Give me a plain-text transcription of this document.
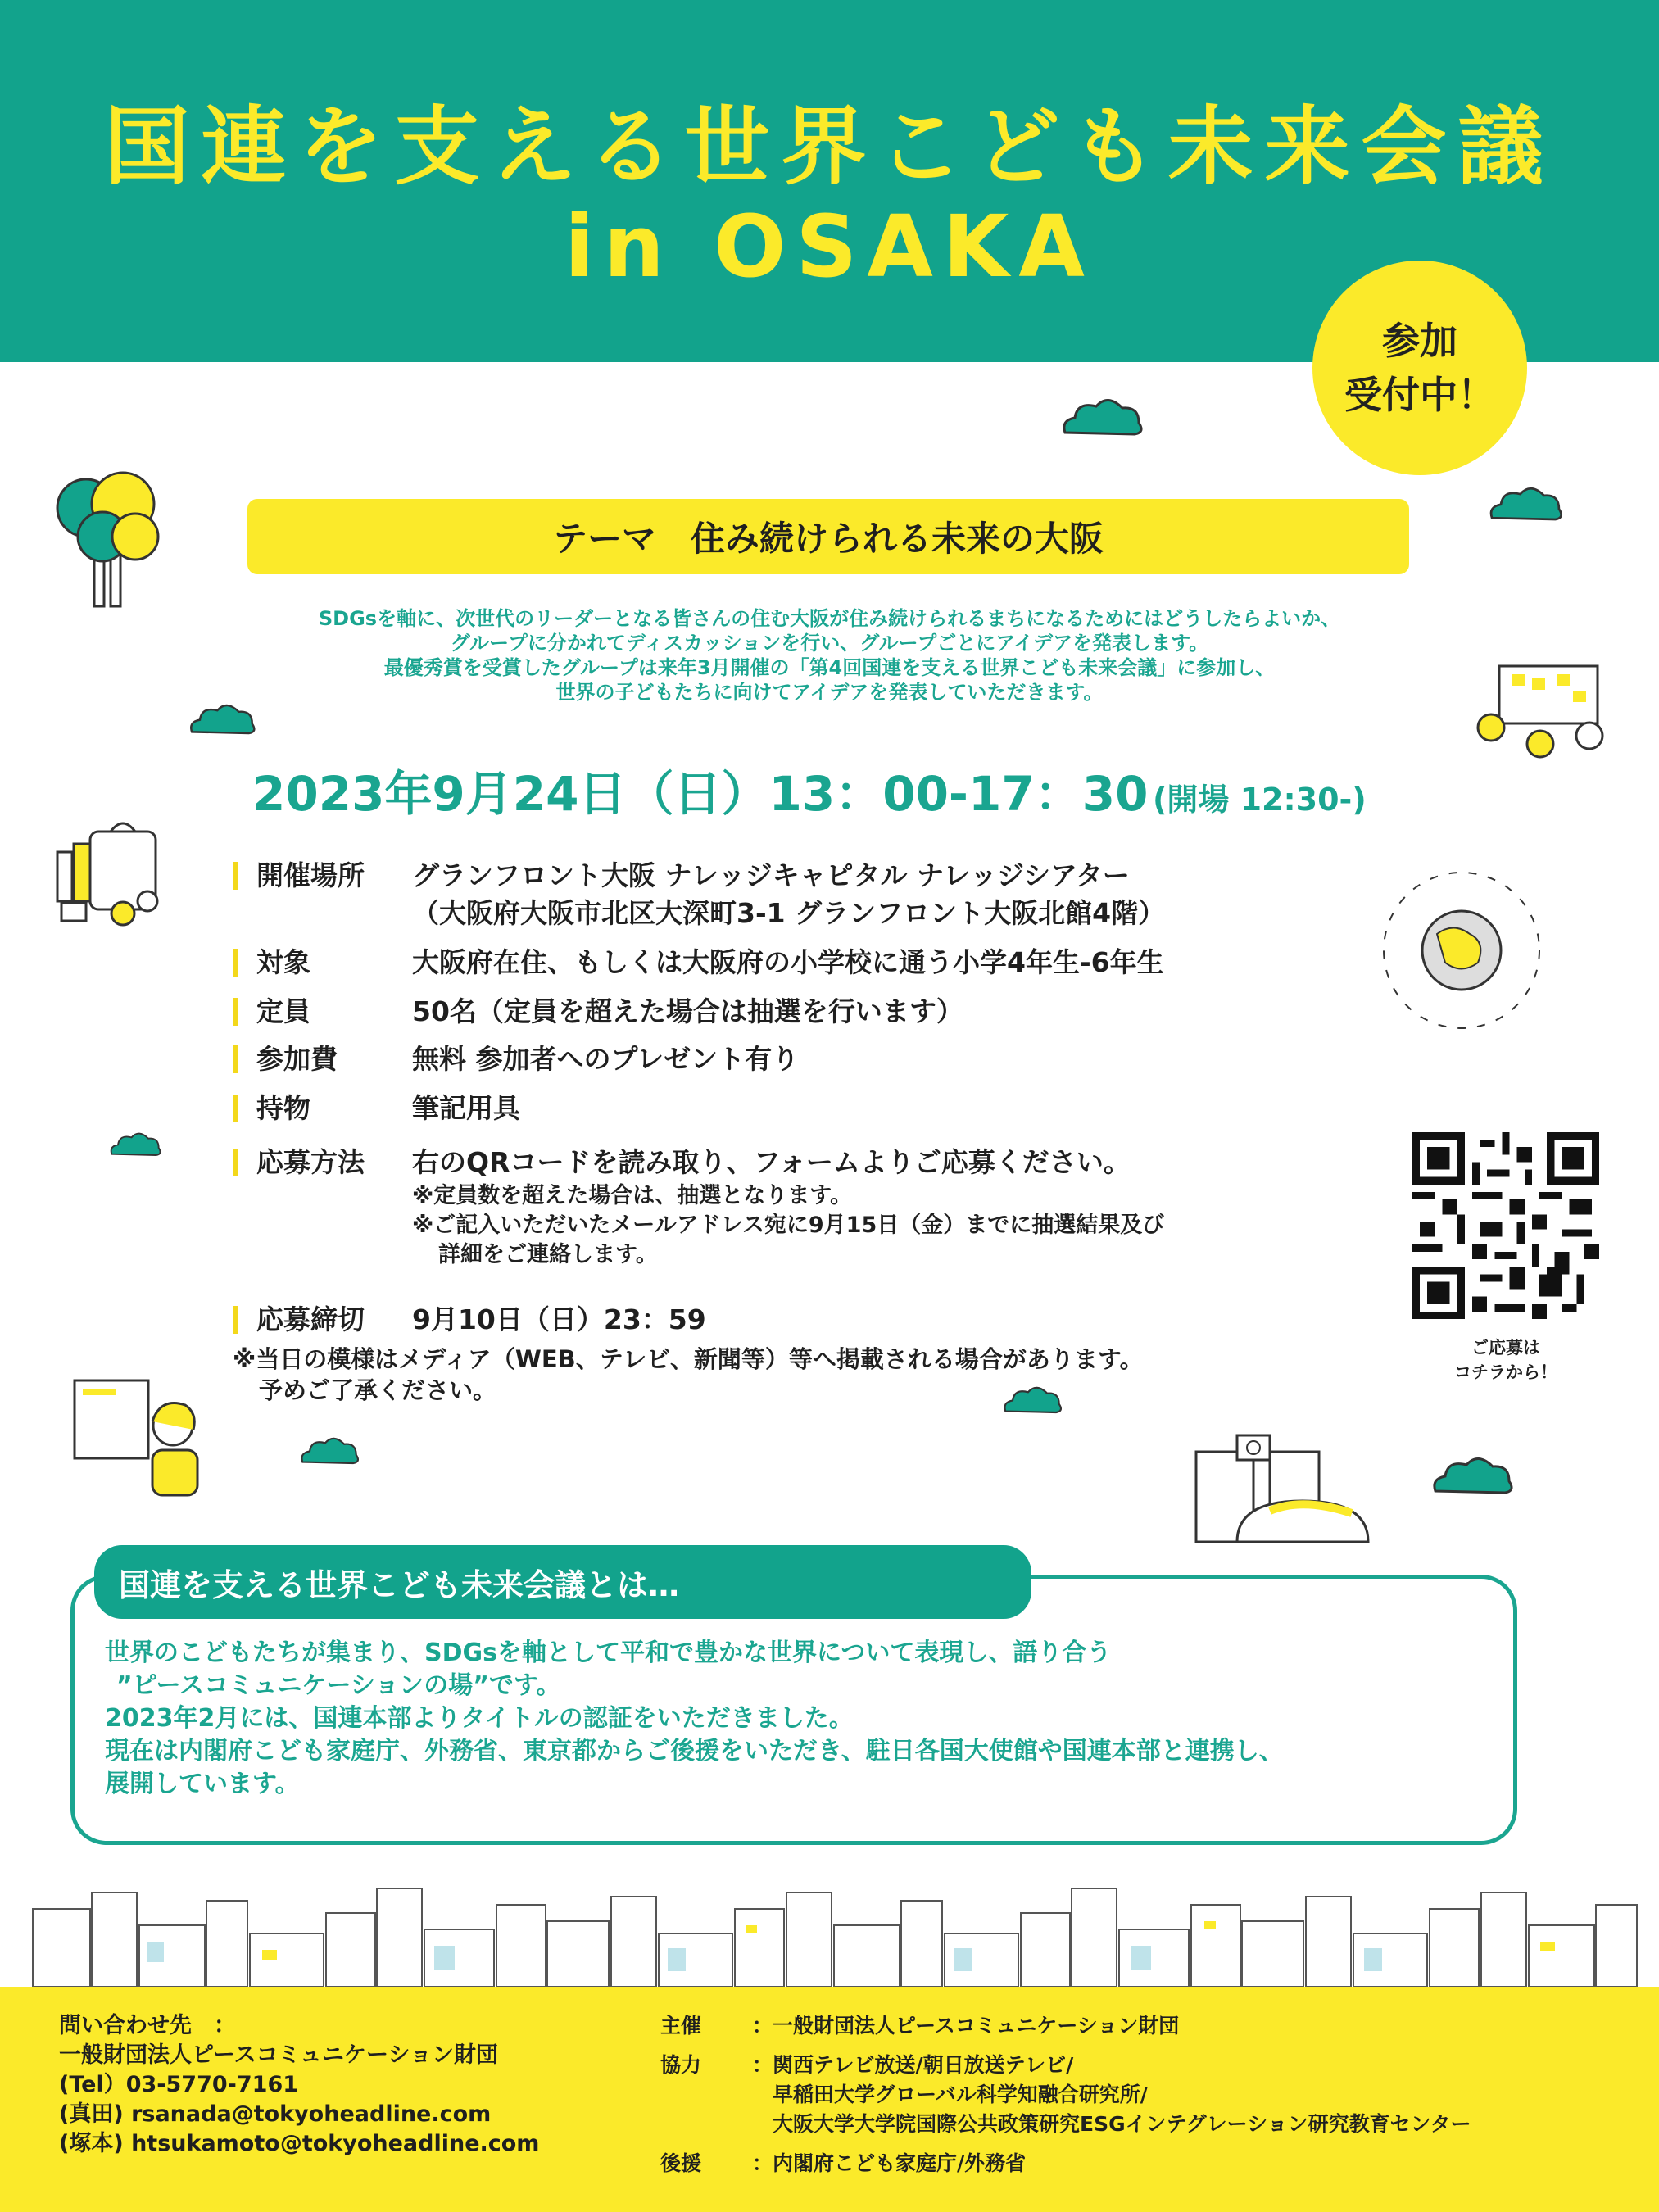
国連を支える世界こども未来会議
in OSAKA
参加
受付中！
テーマ　住み続けられる未来の大阪
SDGsを軸に、次世代のリーダーとなる皆さんの住む大阪が住み続けられるまちになるためにはどうしたらよいか、
グループに分かれてディスカッションを行い、グループごとにアイデアを発表します。
最優秀賞を受賞したグループは来年3月開催の「第4回国連を支える世界こども未来会議」に参加し、
世界の子どもたちに向けてアイデアを発表していただきます。
2023年9月24日（日）13：00-17：30 (開場 12:30-)
開催場所	グランフロント大阪 ナレッジキャピタル ナレッジシアター
（大阪府大阪市北区大深町3-1 グランフロント大阪北館4階）
対象	大阪府在住、もしくは大阪府の小学校に通う小学4年生-6年生
定員	50名（定員を超えた場合は抽選を行います）
参加費	無料 参加者へのプレゼント有り
持物	筆記用具
応募方法	右のQRコードを読み取り、フォームよりご応募ください。
※定員数を超えた場合は、抽選となります。
※ご記入いただいたメールアドレス宛に9月15日（金）までに抽選結果及び
詳細をご連絡します。
応募締切	9月10日（日）23：59
※当日の模様はメディア（WEB、テレビ、新聞等）等へ掲載される場合があります。
予めご了承ください。
ご応募は
コチラから！
国連を支える世界こども未来会議とは…
世界のこどもたちが集まり、SDGsを軸として平和で豊かな世界について表現し、語り合う
”ピースコミュニケーションの場”です。
2023年2月には、国連本部よりタイトルの認証をいただきました。
現在は内閣府こども家庭庁、外務省、東京都からご後援をいただき、駐日各国大使館や国連本部と連携し、
展開しています。
問い合わせ先　：
一般財団法人ピースコミュニケーション財団
(Tel）03-5770-7161
(真田) rsanada@tokyoheadline.com
(塚本) htsukamoto@tokyoheadline.com
主催	：一般財団法人ピースコミュニケーション財団
協力	：関西テレビ放送/朝日放送テレビ/
　早稲田大学グローバル科学知融合研究所/
　大阪大学大学院国際公共政策研究ESGインテグレーション研究教育センター
後援	：内閣府こども家庭庁/外務省
